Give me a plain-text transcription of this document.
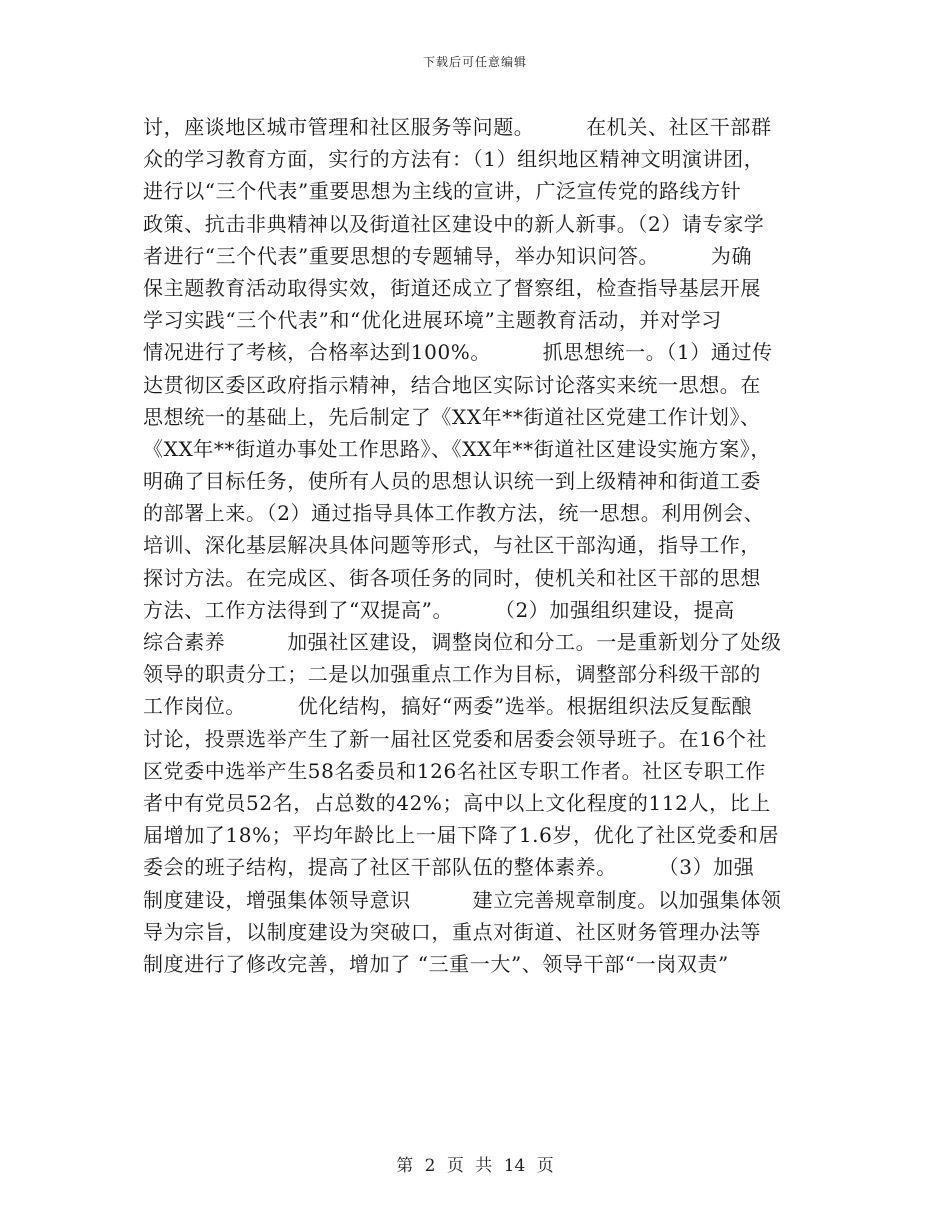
下载后可任意编辑
讨，座谈地区城市管理和社区服务等问题。　　　在机关、社区干部群
众的学习教育方面，实行的方法有：（1）组织地区精神文明演讲团，
进行以“三个代表”重要思想为主线的宣讲，广泛宣传党的路线方针
政策、抗击非典精神以及街道社区建设中的新人新事。（2）请专家学
者进行“三个代表”重要思想的专题辅导，举办知识问答。　　　为确
保主题教育活动取得实效，街道还成立了督察组，检查指导基层开展
学习实践“三个代表”和“优化进展环境”主题教育活动，并对学习
情况进行了考核，合格率达到100%。　　　抓思想统一。（1）通过传
达贯彻区委区政府指示精神，结合地区实际讨论落实来统一思想。在
思想统一的基础上，先后制定了《XX年**街道社区党建工作计划》、
《XX年**街道办事处工作思路》、《XX年**街道社区建设实施方案》，
明确了目标任务，使所有人员的思想认识统一到上级精神和街道工委
的部署上来。（2）通过指导具体工作教方法，统一思想。利用例会、
培训、深化基层解决具体问题等形式，与社区干部沟通，指导工作，
探讨方法。在完成区、街各项任务的同时，使机关和社区干部的思想
方法、工作方法得到了“双提高”。　　　（2）加强组织建设，提高
综合素养　　　加强社区建设，调整岗位和分工。一是重新划分了处级
领导的职责分工；二是以加强重点工作为目标，调整部分科级干部的
工作岗位。　　　优化结构，搞好“两委”选举。根据组织法反复酝酿
讨论，投票选举产生了新一届社区党委和居委会领导班子。在16个社
区党委中选举产生58名委员和126名社区专职工作者。社区专职工作
者中有党员52名，占总数的42%；高中以上文化程度的112人，比上
届增加了18%；平均年龄比上一届下降了1.6岁，优化了社区党委和居
委会的班子结构，提高了社区干部队伍的整体素养。　　　（3）加强
制度建设，增强集体领导意识　　　建立完善规章制度。以加强集体领
导为宗旨，以制度建设为突破口，重点对街道、社区财务管理办法等
制度进行了修改完善，增加了 “三重一大”、领导干部“一岗双责”
第 2 页 共 14 页
